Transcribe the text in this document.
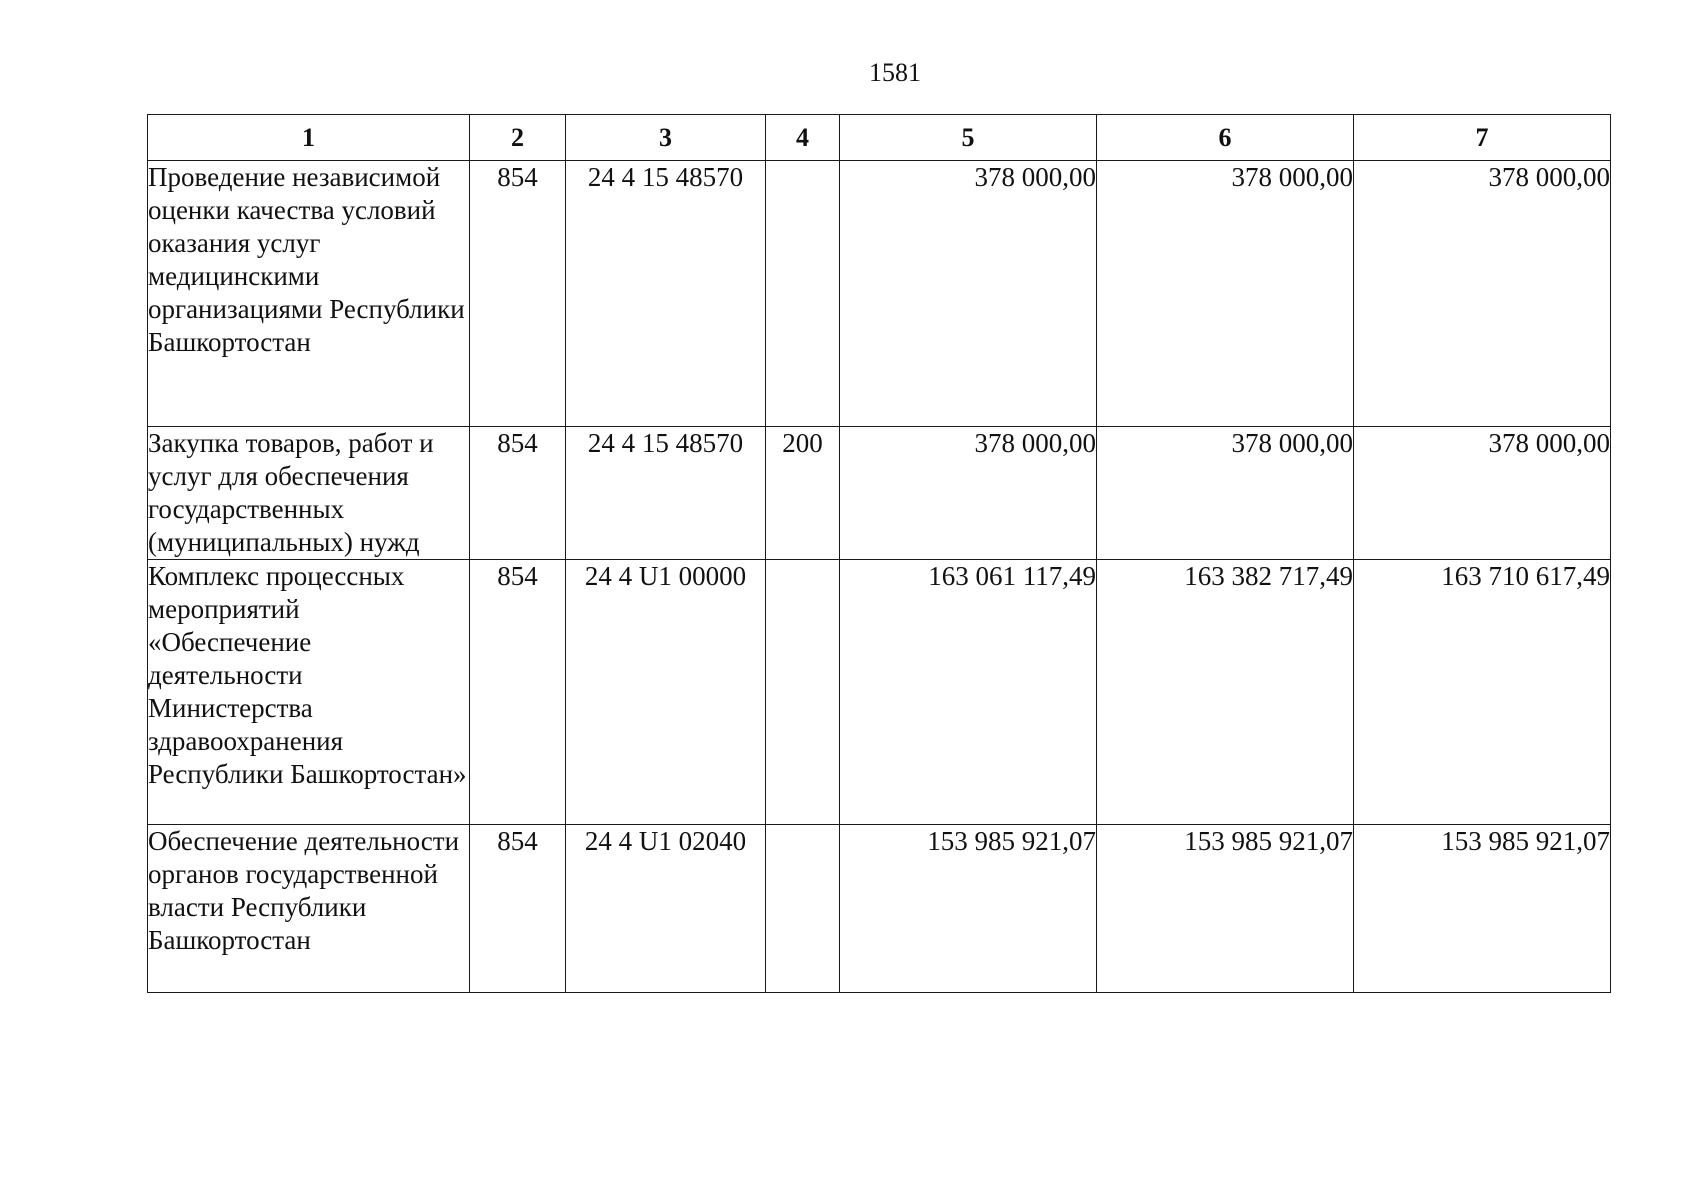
1581
1	2	3	4	5	6	7
Проведение независимой оценки качества условий оказания услуг медицинскими организациями Республики Башкортостан	854	24 4 15 48570		378 000,00	378 000,00	378 000,00
Закупка товаров, работ и услуг для обеспечения государственных (муниципальных) нужд	854	24 4 15 48570	200	378 000,00	378 000,00	378 000,00
Комплекс процессных мероприятий «Обеспечение деятельности Министерства здравоохранения Республики Башкортостан»	854	24 4 U1 00000		163 061 117,49	163 382 717,49	163 710 617,49
Обеспечение деятельности органов государственной власти Республики Башкортостан	854	24 4 U1 02040		153 985 921,07	153 985 921,07	153 985 921,07
